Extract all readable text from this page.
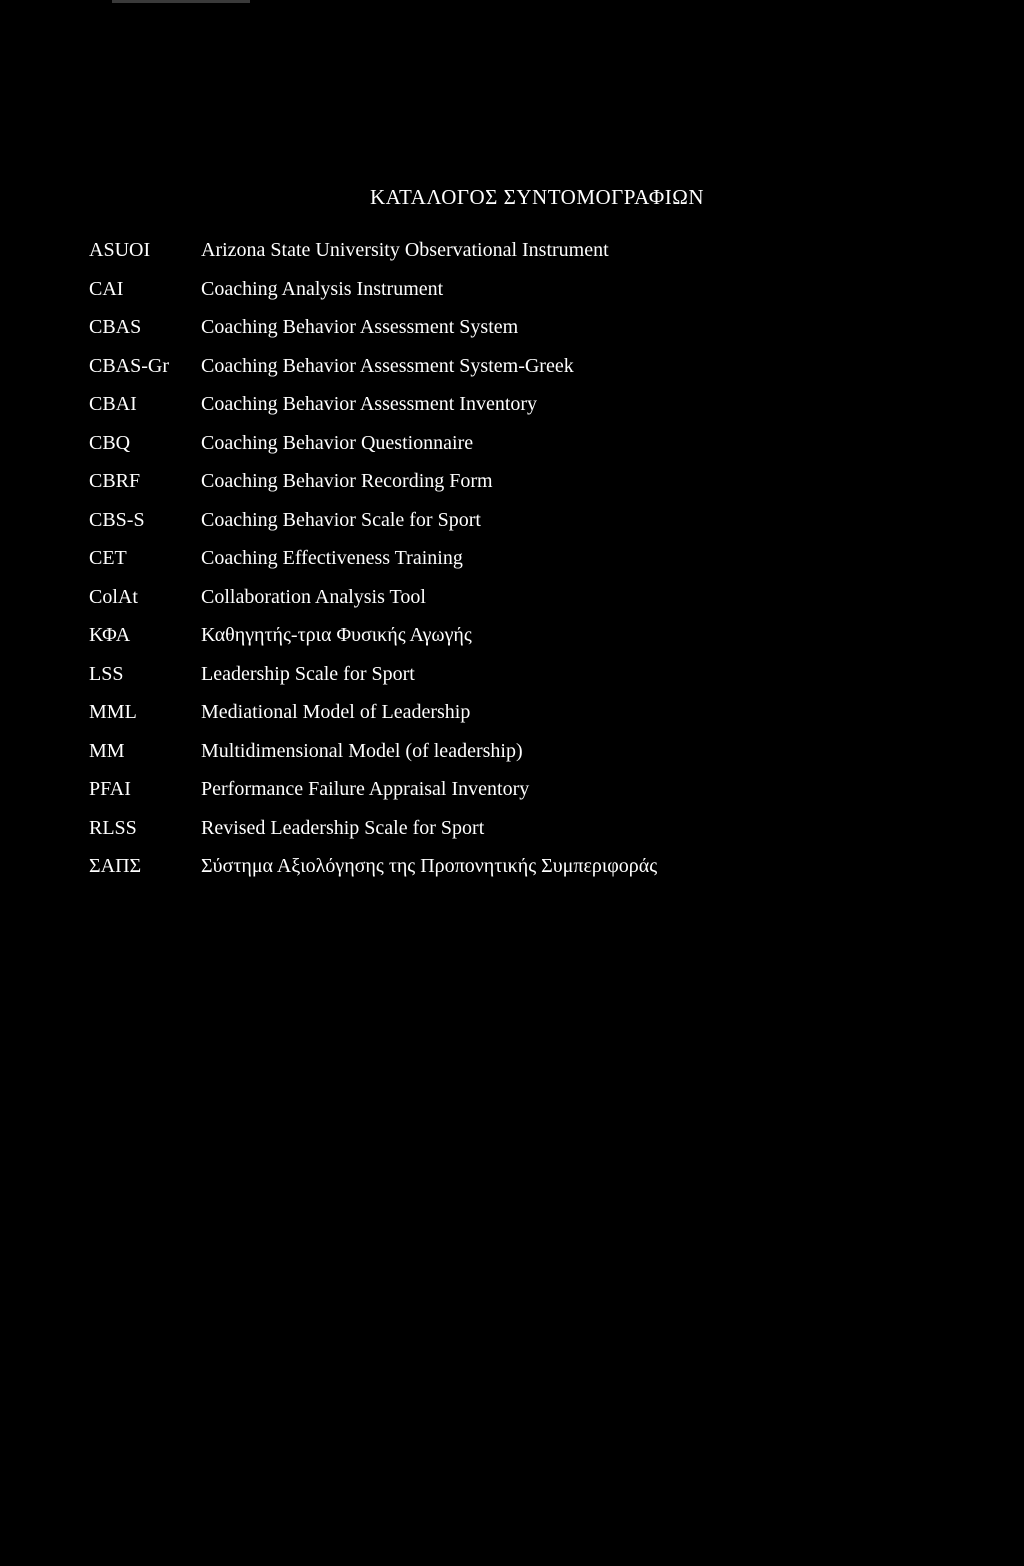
ΚΑΤΑΛΟΓΟΣ ΣΥΝΤΟΜΟΓΡΑΦΙΩΝ
ASUOI	Arizona State University Observational Instrument
CAI	Coaching Analysis Instrument
CBAS	Coaching Behavior Assessment System
CBAS-Gr Coaching Behavior Assessment System-Greek
CBAI	Coaching Behavior Assessment Inventory
CBQ	Coaching Behavior Questionnaire
CBRF	Coaching Behavior Recording Form
CBS-S	Coaching Behavior Scale for Sport
CET	Coaching Effectiveness Training
ColAt	Collaboration Analysis Tool
ΚΦΑ	Καθηγητής-τρια Φυσικής Αγωγής
LSS	Leadership Scale for Sport
MML	Mediational Model of Leadership
MM	Multidimensional Model (of leadership)
PFAI	Performance Failure Appraisal Inventory
RLSS	Revised Leadership Scale for Sport
ΣΑΠΣ	Σύστημα Αξιολόγησης της Προπονητικής Συμπεριφοράς
